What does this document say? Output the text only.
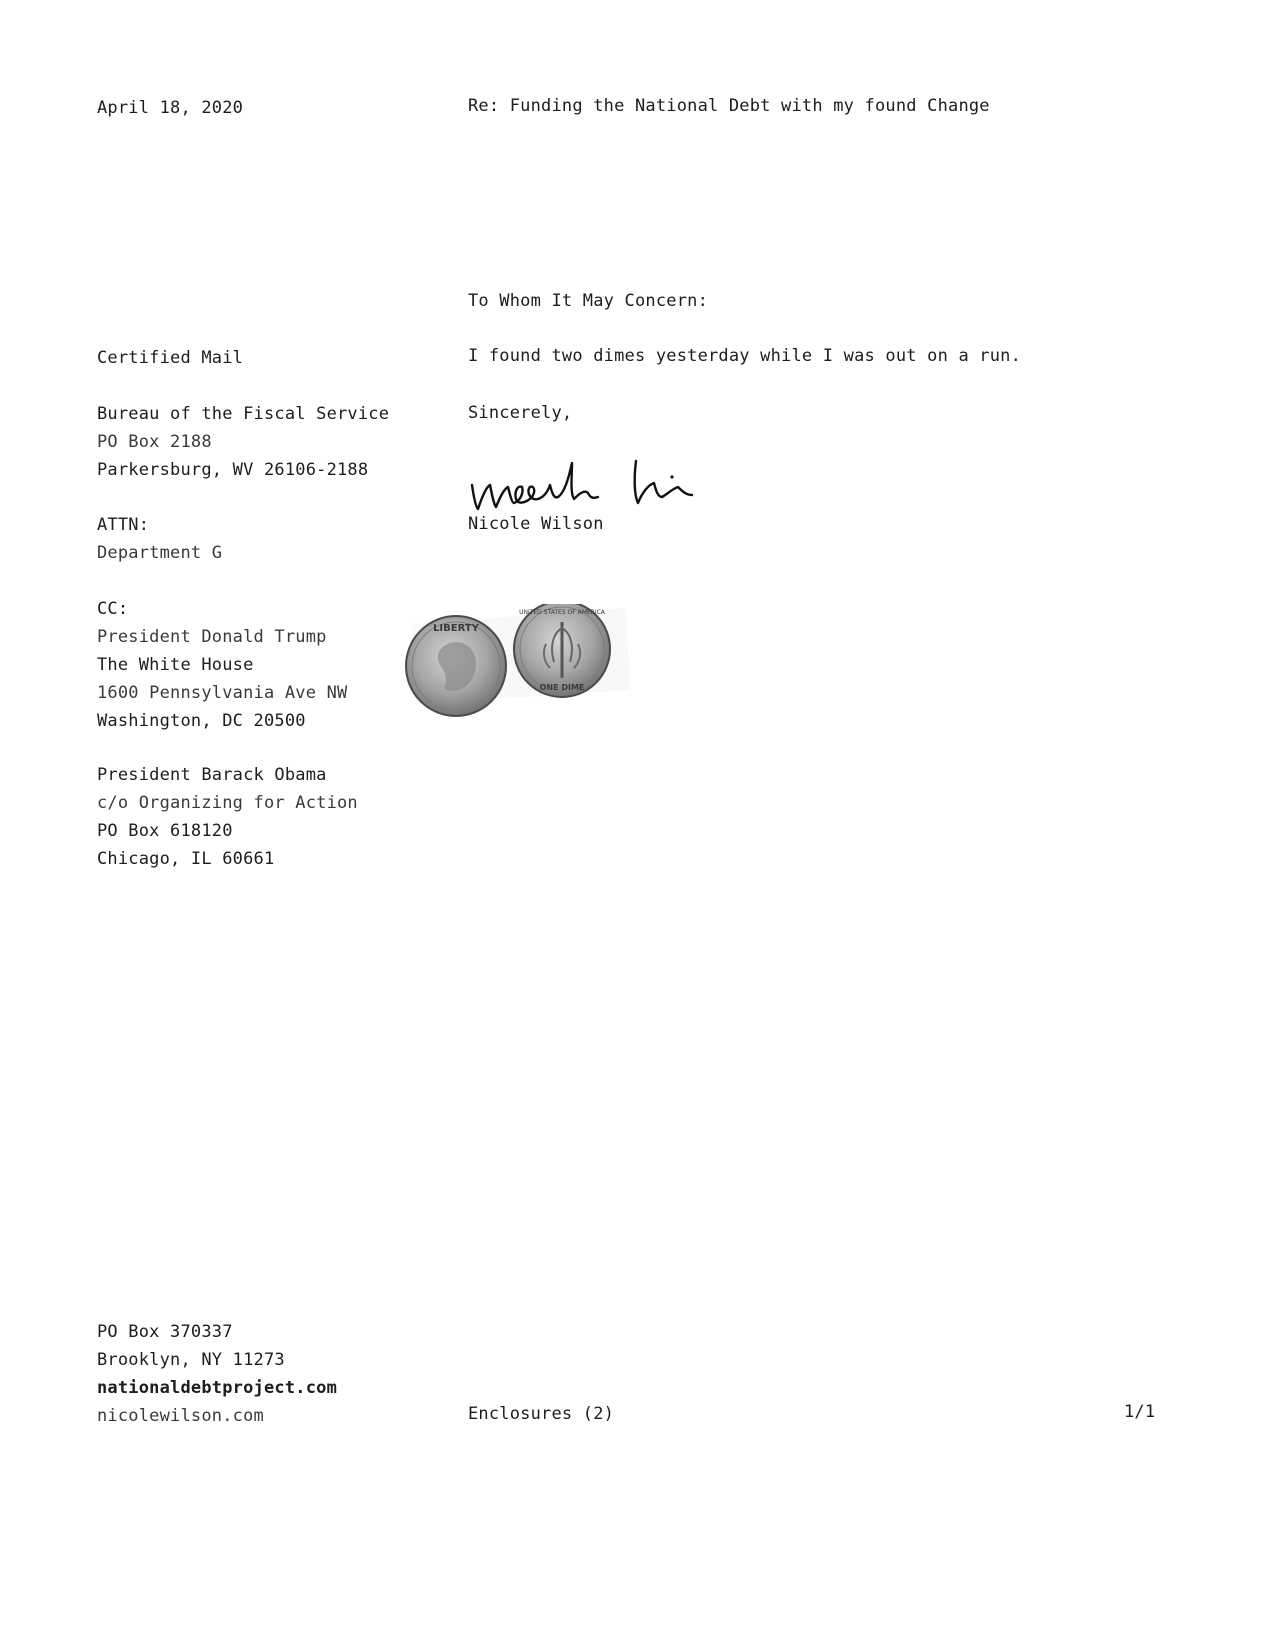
April 18, 2020	Re: Funding the National Debt with my found Change

To Whom It May Concern:

Certified Mail	I found two dimes yesterday while I was out on a run.

Bureau of the Fiscal Service
PO Box 2188
Parkersburg, WV 26106-2188

Sincerely,

Nicole Wilson

ATTN:
Department G
CC:
President Donald Trump
The White House
1600 Pennsylvania Ave NW
Washington, DC 20500
President Barack Obama
c/o Organizing for Action
PO Box 618120
Chicago, IL 60661
LIBERTY
UNITED STATES OF AMERICA
ONE DIME
PO Box 370337
Brooklyn, NY 11273
nationaldebtproject.com
nicolewilson.com	Enclosures (2)	1/1
